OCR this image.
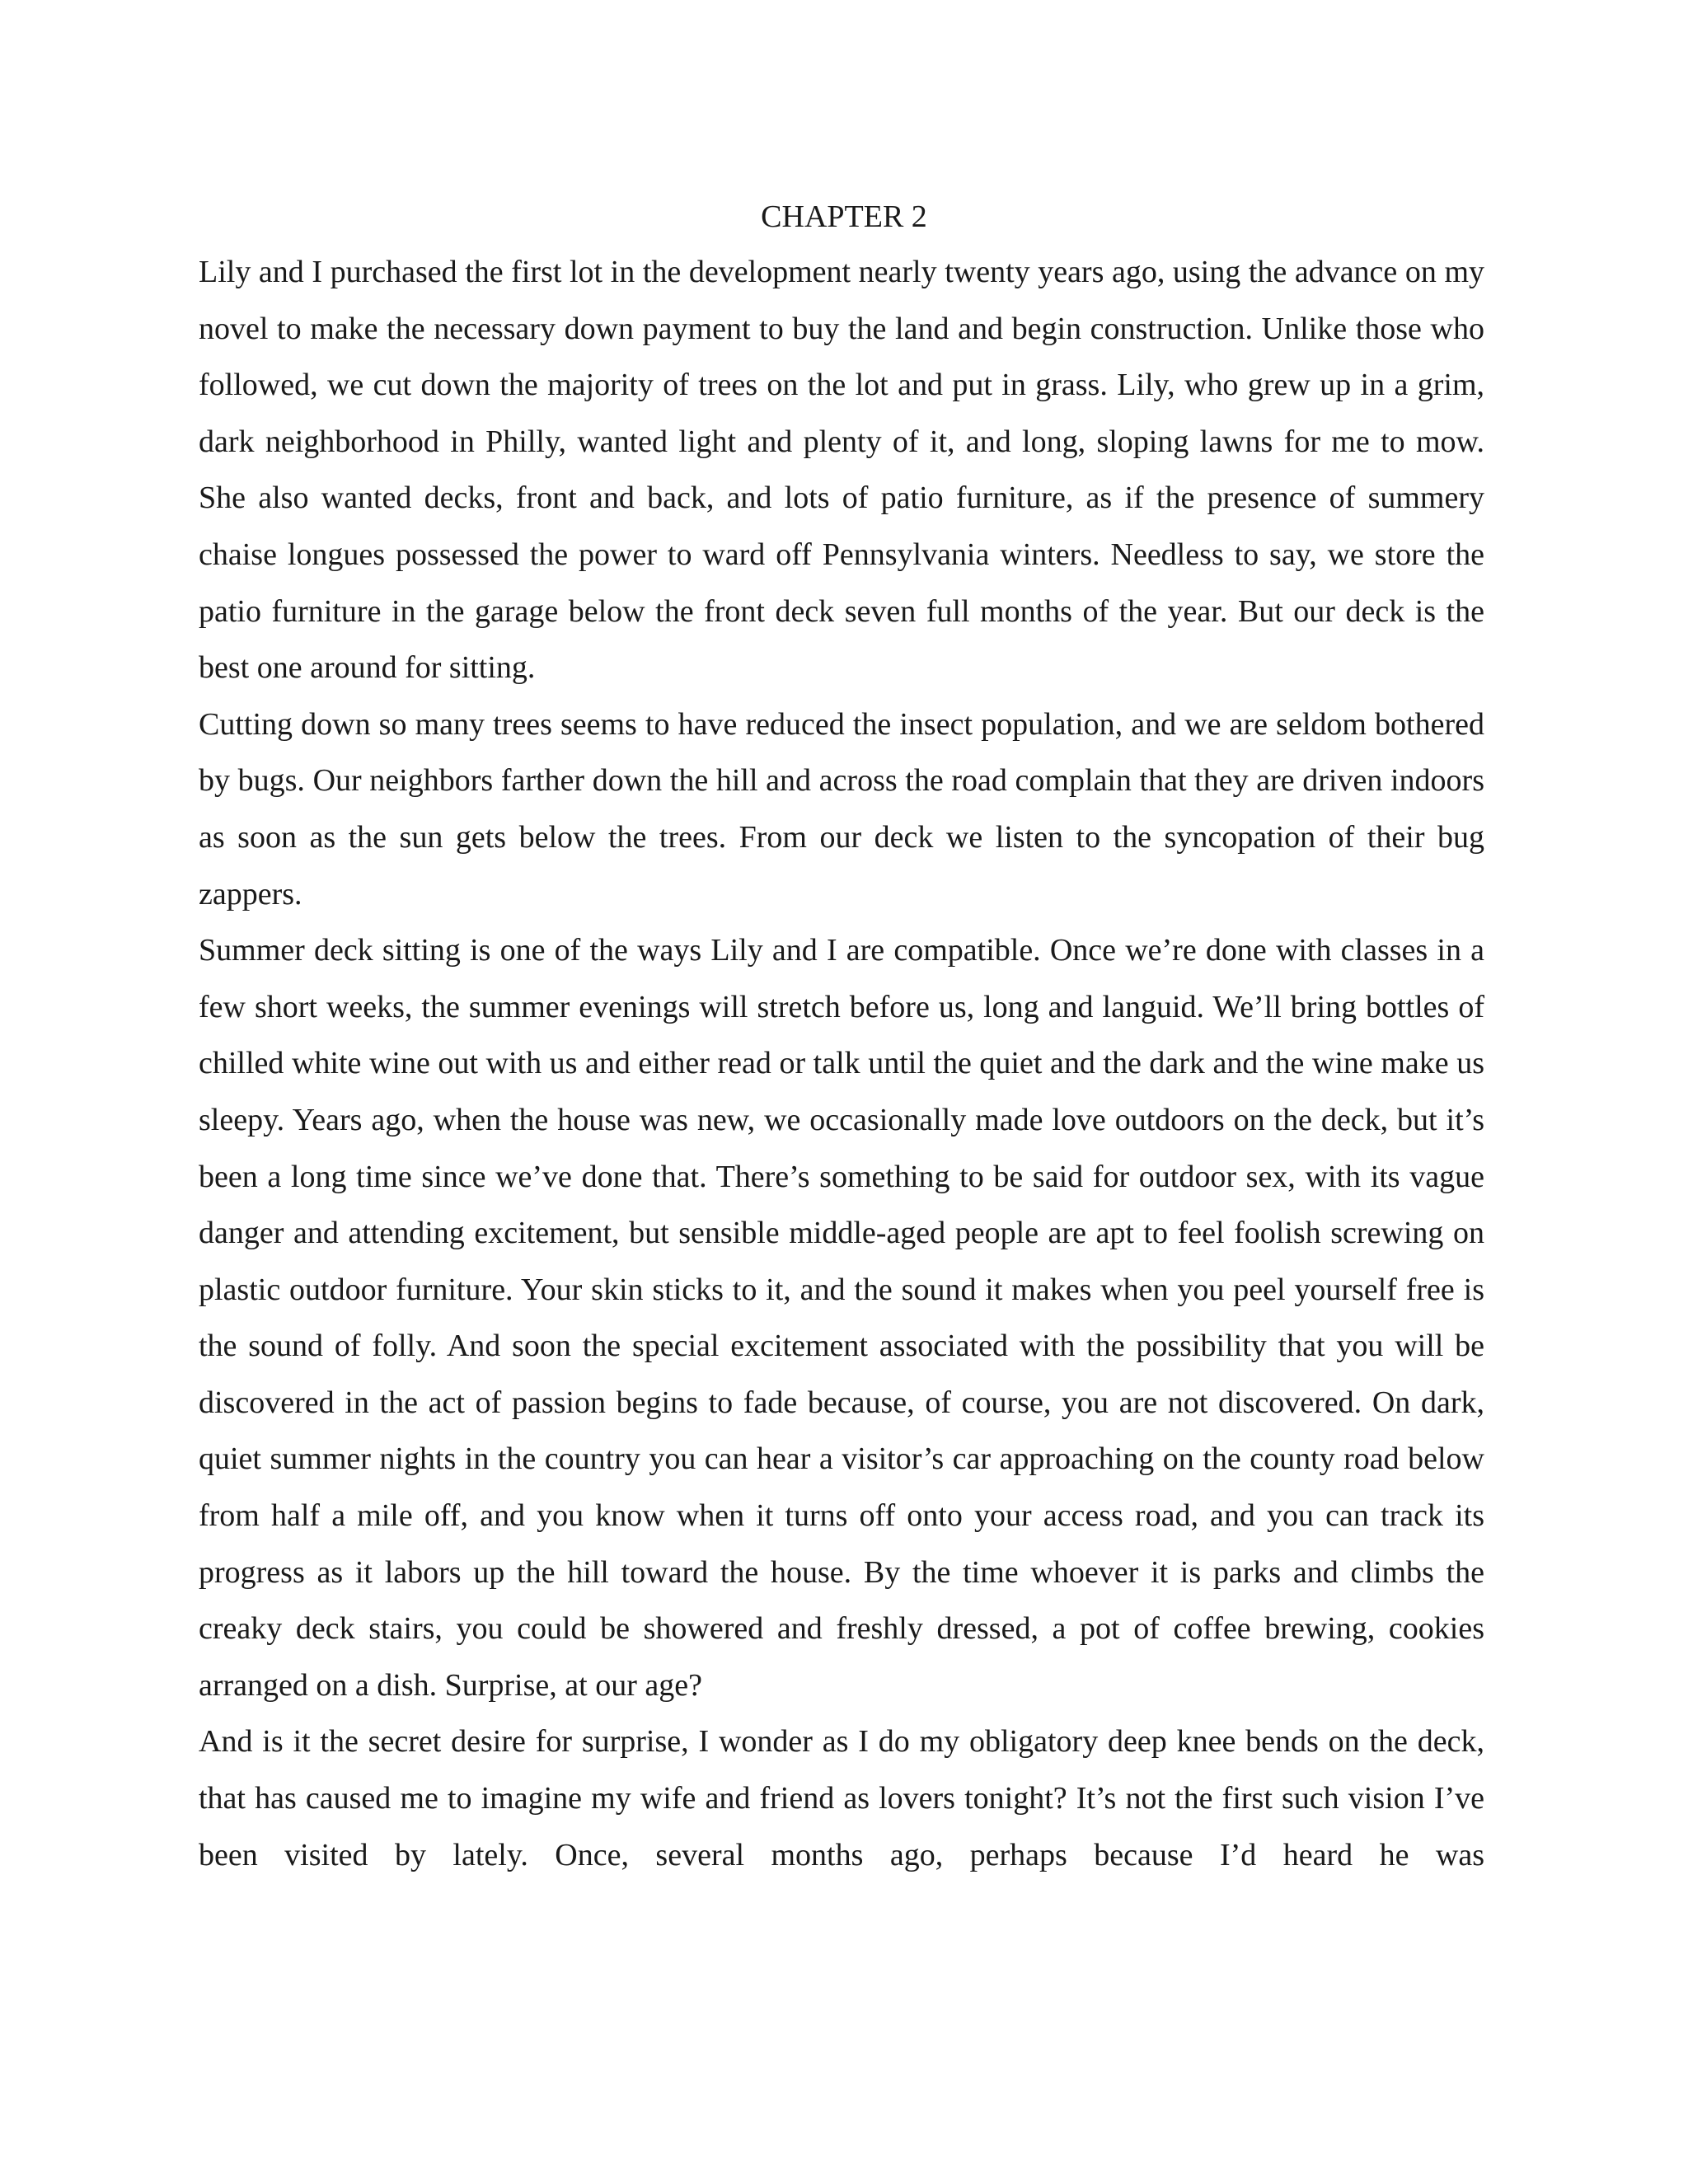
CHAPTER 2

Lily and I purchased the first lot in the development nearly twenty years ago, using the advance on my novel to make the necessary down payment to buy the land and begin construction. Unlike those who followed, we cut down the majority of trees on the lot and put in grass. Lily, who grew up in a grim, dark neighborhood in Philly, wanted light and plenty of it, and long, sloping lawns for me to mow. She also wanted decks, front and back, and lots of patio furniture, as if the presence of summery chaise longues possessed the power to ward off Pennsylvania winters. Needless to say, we store the patio furniture in the garage below the front deck seven full months of the year. But our deck is the best one around for sitting.

Cutting down so many trees seems to have reduced the insect population, and we are seldom bothered by bugs. Our neighbors farther down the hill and across the road complain that they are driven indoors as soon as the sun gets below the trees. From our deck we listen to the syncopation of their bug zappers.

Summer deck sitting is one of the ways Lily and I are compatible. Once we’re done with classes in a few short weeks, the summer evenings will stretch before us, long and languid. We’ll bring bottles of chilled white wine out with us and either read or talk until the quiet and the dark and the wine make us sleepy. Years ago, when the house was new, we occasionally made love outdoors on the deck, but it’s been a long time since we’ve done that. There’s something to be said for outdoor sex, with its vague danger and attending excitement, but sensible middle-aged people are apt to feel foolish screwing on plastic outdoor furniture. Your skin sticks to it, and the sound it makes when you peel yourself free is the sound of folly. And soon the special excitement associated with the possibility that you will be discovered in the act of passion begins to fade because, of course, you are not discovered. On dark, quiet summer nights in the country you can hear a visitor’s car approaching on the county road below from half a mile off, and you know when it turns off onto your access road, and you can track its progress as it labors up the hill toward the house. By the time whoever it is parks and climbs the creaky deck stairs, you could be showered and freshly dressed, a pot of coffee brewing, cookies arranged on a dish. Surprise, at our age?

And is it the secret desire for surprise, I wonder as I do my obligatory deep knee bends on the deck, that has caused me to imagine my wife and friend as lovers tonight? It’s not the first such vision I’ve been visited by lately. Once, several months ago, perhaps because I’d heard he was
